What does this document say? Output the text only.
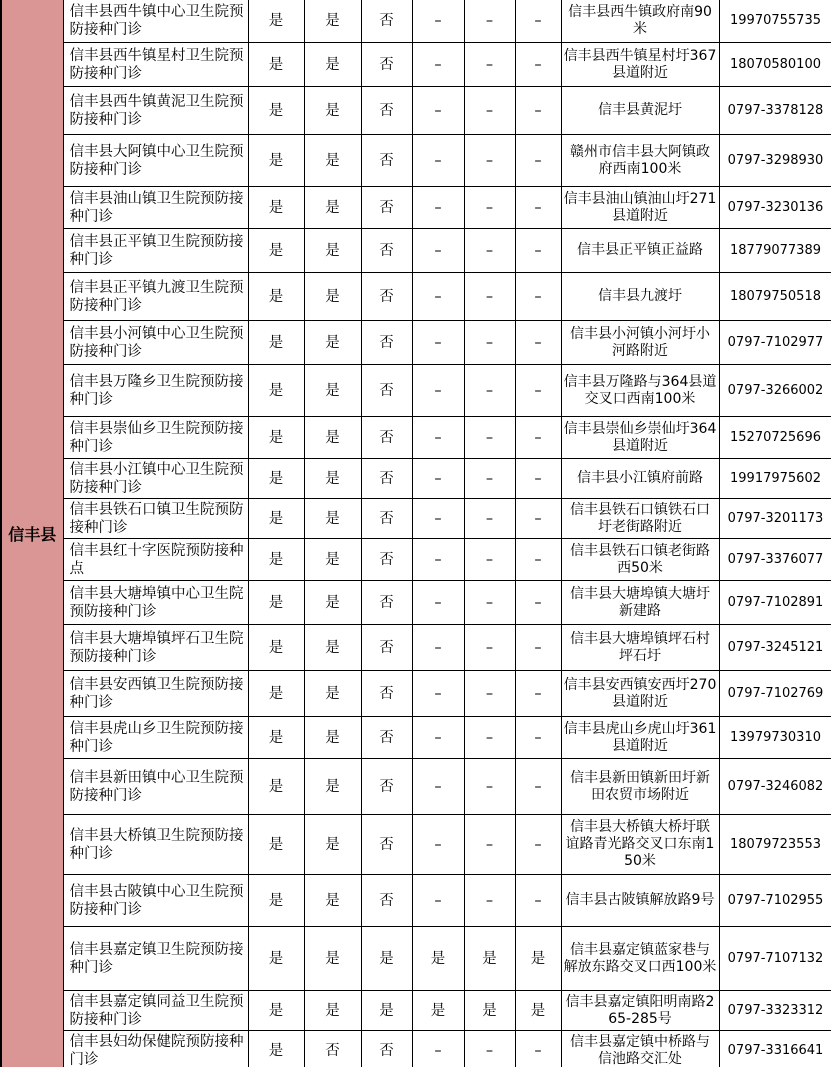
信丰县	信丰县西牛镇中心卫生院预防接种门诊	是	是	否	–	–	–	信丰县西牛镇政府南90米	19970755735
	信丰县西牛镇星村卫生院预防接种门诊	是	是	否	–	–	–	信丰县西牛镇星村圩367县道附近	18070580100
	信丰县西牛镇黄泥卫生院预防接种门诊	是	是	否	–	–	–	信丰县黄泥圩	0797-3378128
	信丰县大阿镇中心卫生院预防接种门诊	是	是	否	–	–	–	赣州市信丰县大阿镇政府西南100米	0797-3298930
	信丰县油山镇卫生院预防接种门诊	是	是	否	–	–	–	信丰县油山镇油山圩271县道附近	0797-3230136
	信丰县正平镇卫生院预防接种门诊	是	是	否	–	–	–	信丰县正平镇正益路	18779077389
	信丰县正平镇九渡卫生院预防接种门诊	是	是	否	–	–	–	信丰县九渡圩	18079750518
	信丰县小河镇中心卫生院预防接种门诊	是	是	否	–	–	–	信丰县小河镇小河圩小河路附近	0797-7102977
	信丰县万隆乡卫生院预防接种门诊	是	是	否	–	–	–	信丰县万隆路与364县道交叉口西南100米	0797-3266002
	信丰县崇仙乡卫生院预防接种门诊	是	是	否	–	–	–	信丰县崇仙乡崇仙圩364县道附近	15270725696
	信丰县小江镇中心卫生院预防接种门诊	是	是	否	–	–	–	信丰县小江镇府前路	19917975602
	信丰县铁石口镇卫生院预防接种门诊	是	是	否	–	–	–	信丰县铁石口镇铁石口圩老街路附近	0797-3201173
	信丰县红十字医院预防接种点	是	是	否	–	–	–	信丰县铁石口镇老街路西50米	0797-3376077
	信丰县大塘埠镇中心卫生院预防接种门诊	是	是	否	–	–	–	信丰县大塘埠镇大塘圩新建路	0797-7102891
	信丰县大塘埠镇坪石卫生院预防接种门诊	是	是	否	–	–	–	信丰县大塘埠镇坪石村坪石圩	0797-3245121
	信丰县安西镇卫生院预防接种门诊	是	是	否	–	–	–	信丰县安西镇安西圩270县道附近	0797-7102769
	信丰县虎山乡卫生院预防接种门诊	是	是	否	–	–	–	信丰县虎山乡虎山圩361县道附近	13979730310
	信丰县新田镇中心卫生院预防接种门诊	是	是	否	–	–	–	信丰县新田镇新田圩新田农贸市场附近	0797-3246082
	信丰县大桥镇卫生院预防接种门诊	是	是	否	–	–	–	信丰县大桥镇大桥圩联谊路青光路交叉口东南150米	18079723553
	信丰县古陂镇中心卫生院预防接种门诊	是	是	否	–	–	–	信丰县古陂镇解放路9号	0797-7102955
	信丰县嘉定镇卫生院预防接种门诊	是	是	是	是	是	是	信丰县嘉定镇蓝家巷与解放东路交叉口西100米	0797-7107132
	信丰县嘉定镇同益卫生院预防接种门诊	是	是	是	是	是	是	信丰县嘉定镇阳明南路265-285号	0797-3323312
	信丰县妇幼保健院预防接种门诊	是	否	否	–	–	–	信丰县嘉定镇中桥路与信池路交汇处	0797-3316641
